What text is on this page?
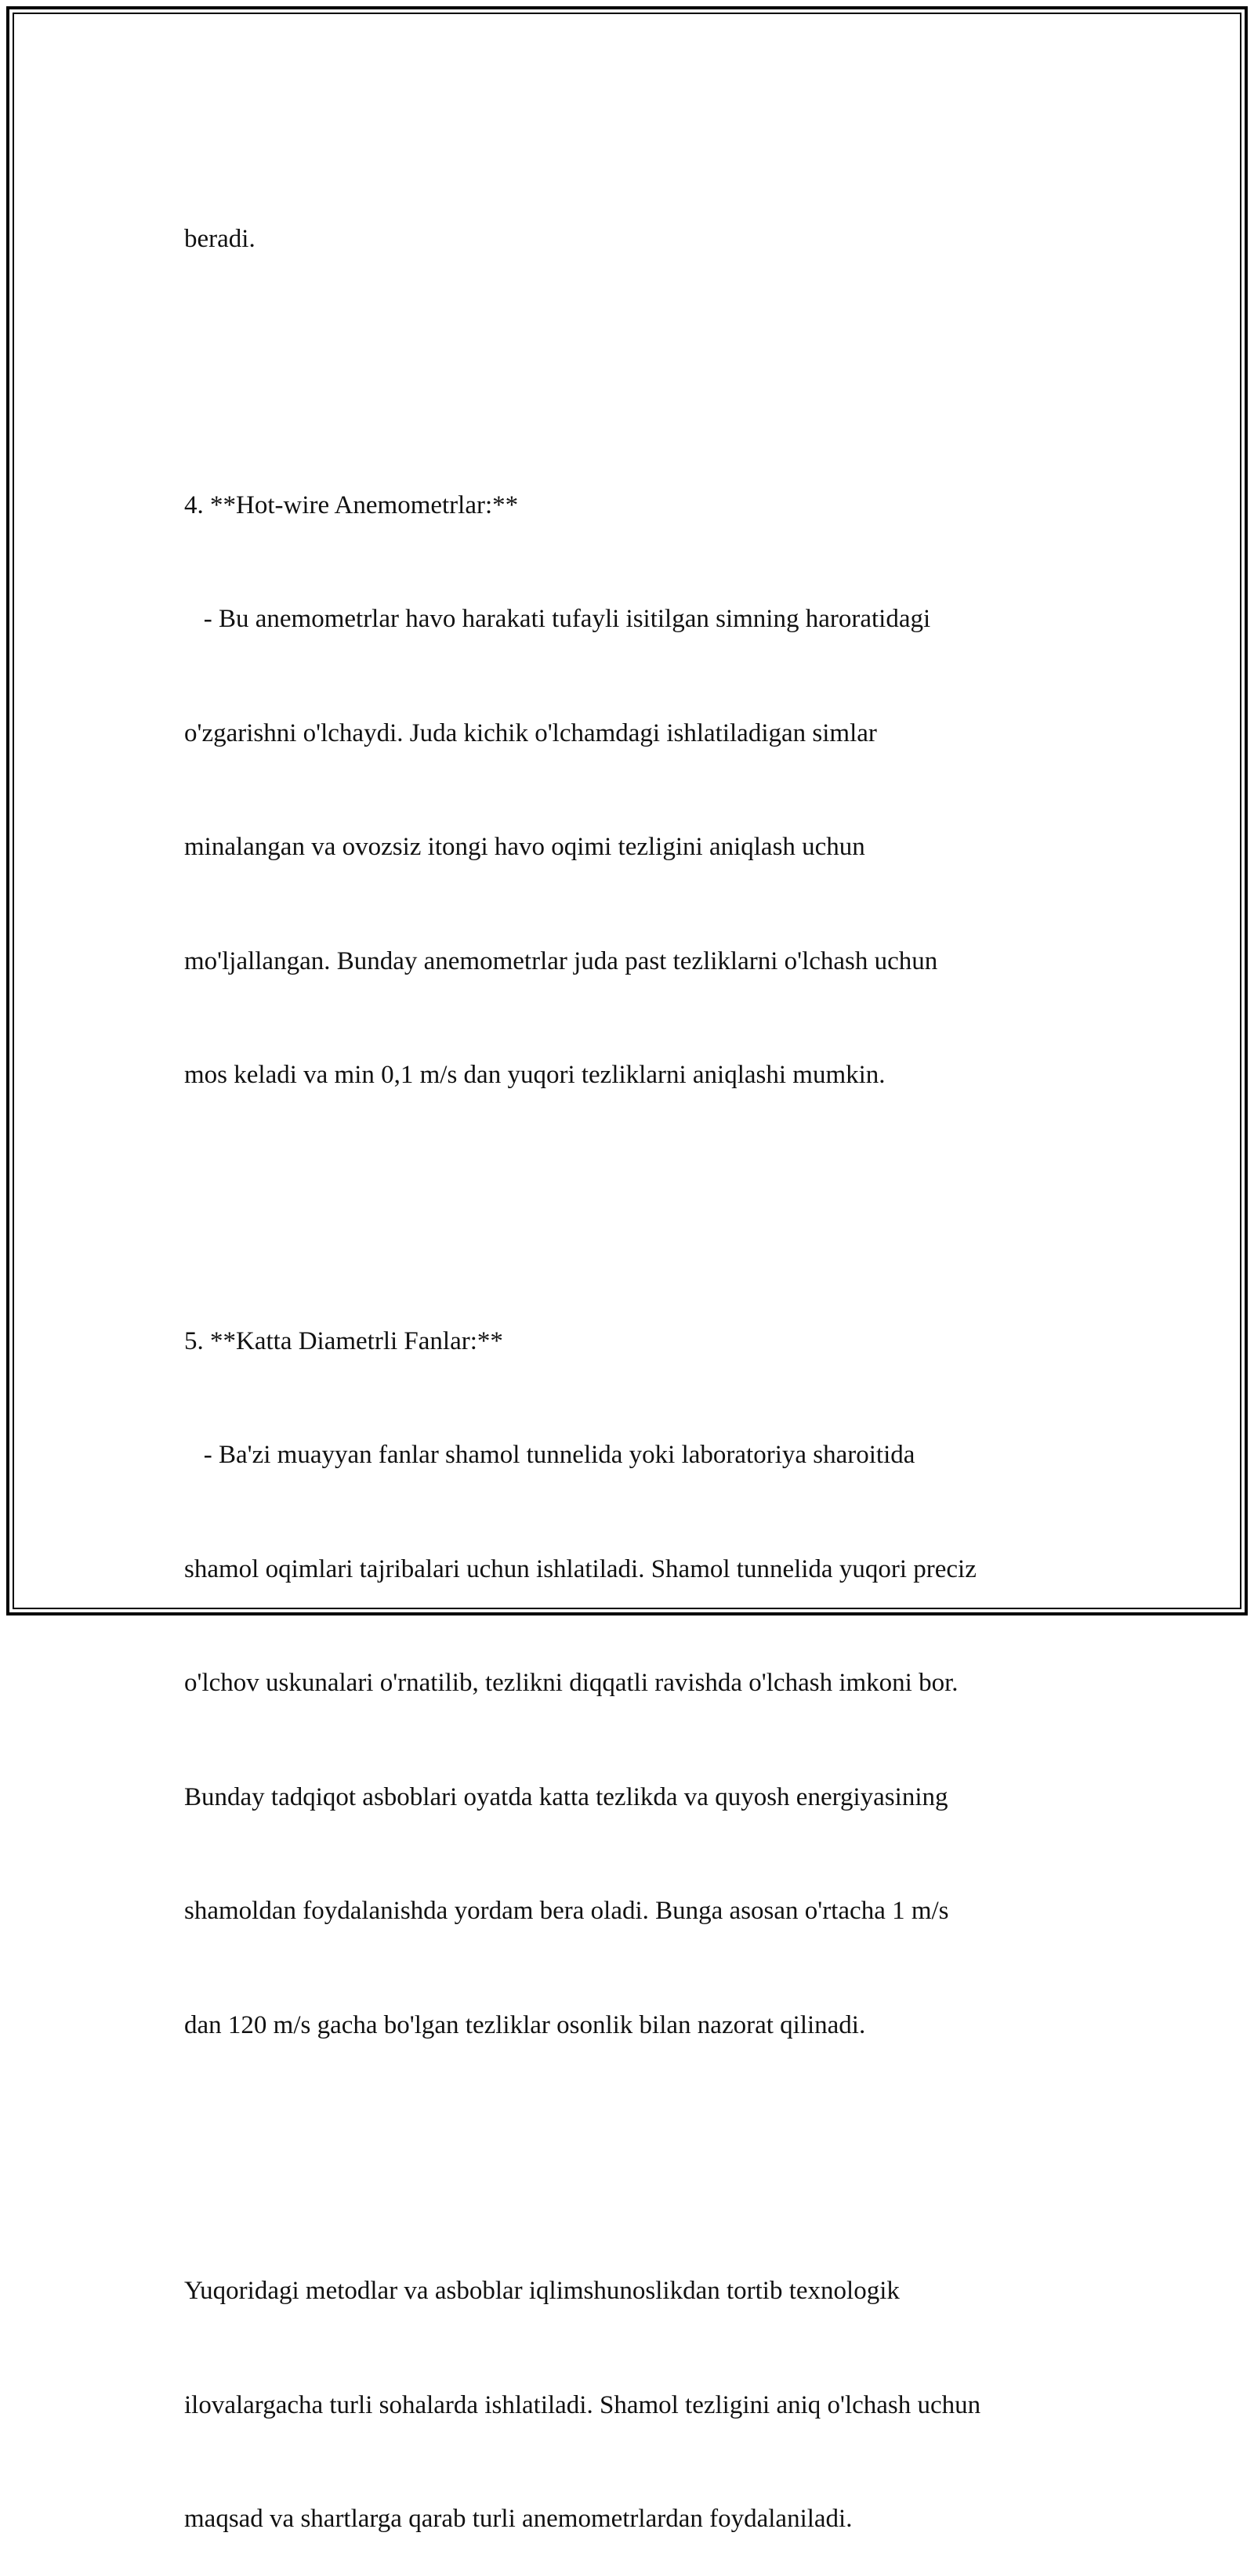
beradi.

4. **Hot-wire Anemometrlar:**

- Bu anemometrlar havo harakati tufayli isitilgan simning haroratidagi

o'zgarishni o'lchaydi. Juda kichik o'lchamdagi ishlatiladigan simlar

minalangan va ovozsiz itongi havo oqimi tezligini aniqlash uchun

mo'ljallangan. Bunday anemometrlar juda past tezliklarni o'lchash uchun

mos keladi va min 0,1 m/s dan yuqori tezliklarni aniqlashi mumkin.

5. **Katta Diametrli Fanlar:**

- Ba'zi muayyan fanlar shamol tunnelida yoki laboratoriya sharoitida

shamol oqimlari tajribalari uchun ishlatiladi. Shamol tunnelida yuqori preciz

o'lchov uskunalari o'rnatilib, tezlikni diqqatli ravishda o'lchash imkoni bor.

Bunday tadqiqot asboblari oyatda katta tezlikda va quyosh energiyasining

shamoldan foydalanishda yordam bera oladi. Bunga asosan o'rtacha 1 m/s

dan 120 m/s gacha bo'lgan tezliklar osonlik bilan nazorat qilinadi.

Yuqoridagi metodlar va asboblar iqlimshunoslikdan tortib texnologik

ilovalargacha turli sohalarda ishlatiladi. Shamol tezligini aniq o'lchash uchun

maqsad va shartlarga qarab turli anemometrlardan foydalaniladi.
